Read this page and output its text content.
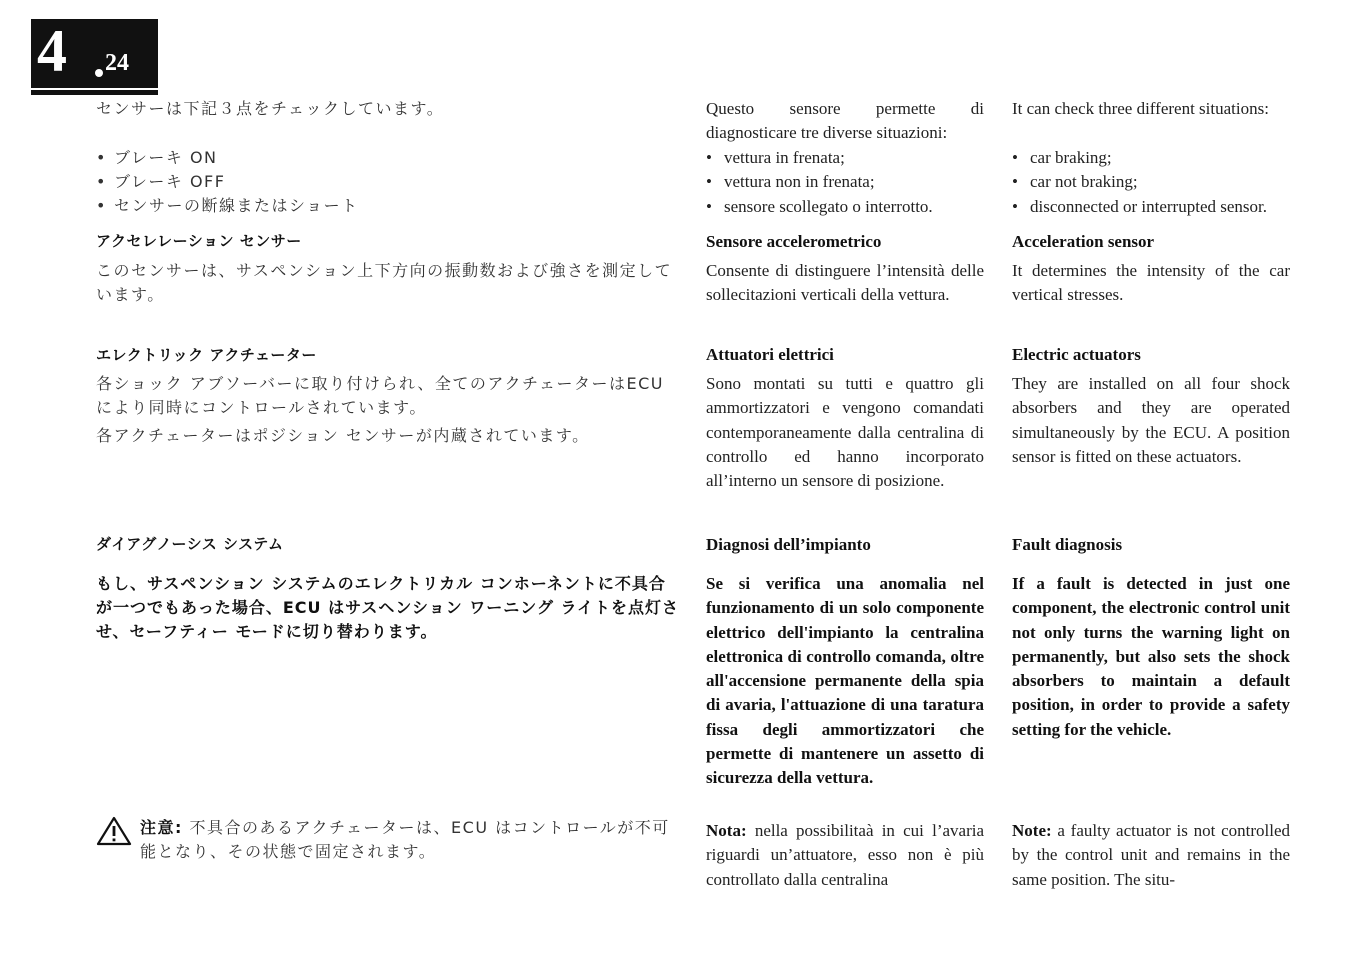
4 24
センサーは下記３点をチェックしています。
• ブレーキ ON
• ブレーキ OFF
• センサーの断線またはショート
アクセレレーション センサー
このセンサーは、サスペンション上下方向の振動数および強さを測定しています。
エレクトリック アクチェーター
各ショック アブソーバーに取り付けられ、全てのアクチェーターはECU により同時にコントロールされています。
各アクチェーターはポジション センサーが内蔵されています。
ダイアグノーシス システム
もし、サスペンション システムのエレクトリカル コンホーネントに不具合が一つでもあった場合、ECU はサスヘンション ワーニング ライトを点灯させ、セーフティー モードに切り替わります。
注意: 不具合のあるアクチェーターは、ECU はコントロールが不可能となり、その状態で固定されます。
Questo sensore permette di diagnosticare tre diverse situazioni:
• vettura in frenata;
• vettura non in frenata;
• sensore scollegato o interrotto.
Sensore accelerometrico
Consente di distinguere l’intensità delle sollecitazioni verticali della vettura.
Attuatori elettrici
Sono montati su tutti e quattro gli ammortizzatori e vengono comandati contemporaneamente dalla centralina di controllo ed hanno incorporato all’interno un sensore di posizione.
Diagnosi dell’impianto
Se si verifica una anomalia nel funzionamento di un solo componente elettrico dell'impianto la centralina elettronica di controllo comanda, oltre all'accensione permanente della spia di avaria, l'attuazione di una taratura fissa degli ammortizzatori che permette di mantenere un assetto di sicurezza della vettura.
Nota: nella possibilitaà in cui l’avaria riguardi un’attuatore, esso non è più controllato dalla centralina
It can check three different situations:
• car braking;
• car not braking;
• disconnected or interrupted sensor.
Acceleration sensor
It determines the intensity of the car vertical stresses.
Electric actuators
They are installed on all four shock absorbers and they are operated simultaneously by the ECU. A position sensor is fitted on these actuators.
Fault diagnosis
If a fault is detected in just one component, the electronic control unit not only turns the warning light on permanently, but also sets the shock absorbers to maintain a default position, in order to provide a safety setting for the vehicle.
Note: a faulty actuator is not controlled by the control unit and remains in the same position. The situ-
